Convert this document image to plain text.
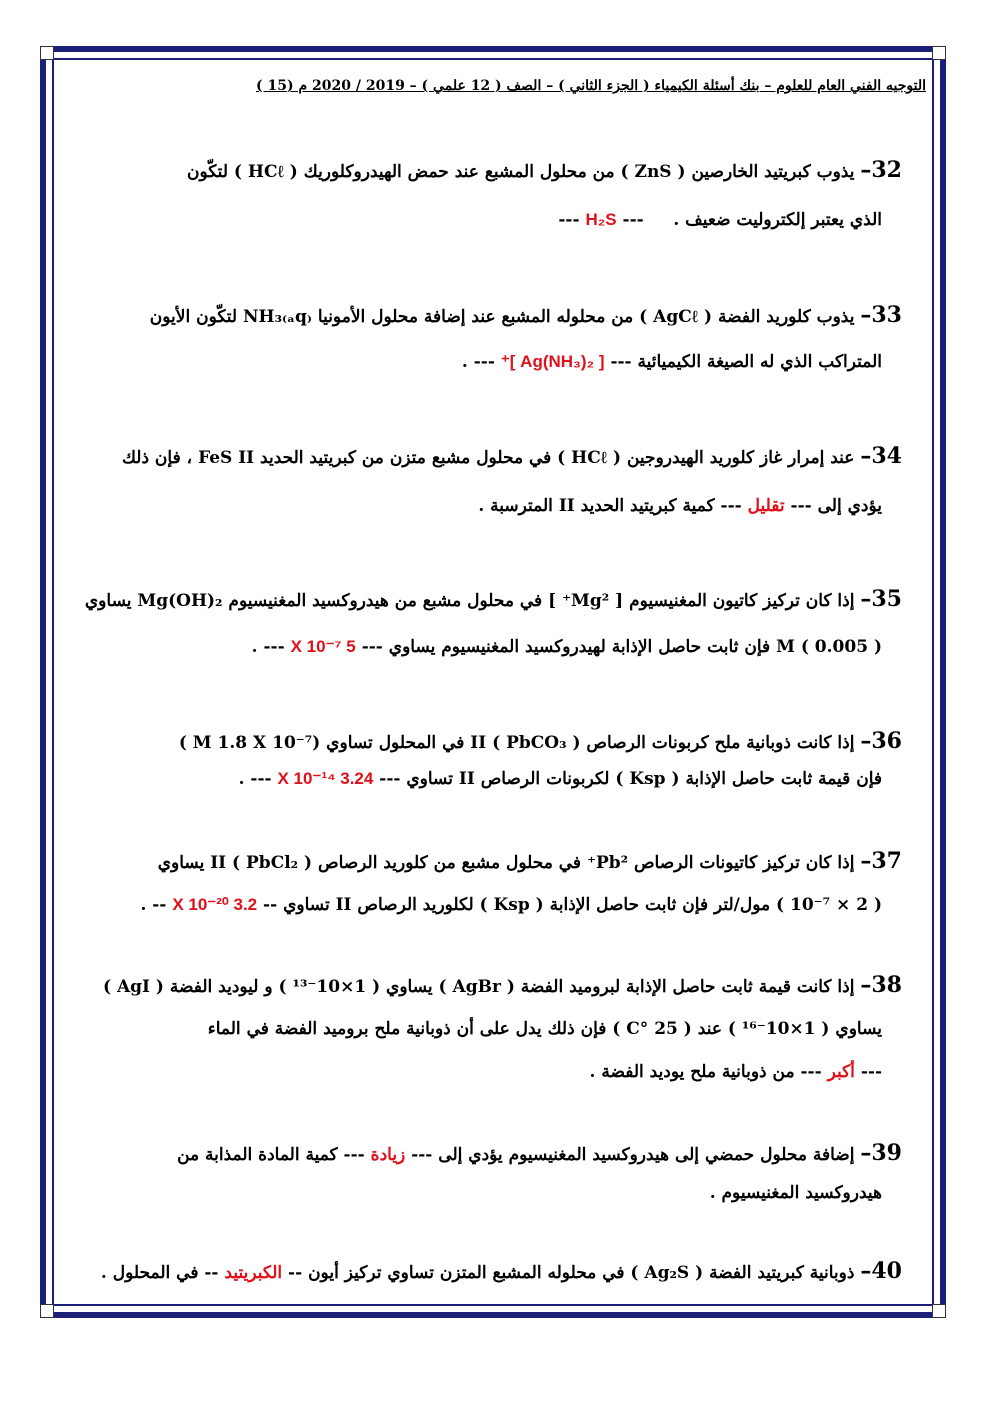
التوجيه الفني العام للعلوم – بنك أسئلة الكيمياء ( الجزء الثاني ) – الصف ( 12 علمي ) – 2019 / 2020 م (15 )
32– يذوب كبريتيد الخارصين ( ZnS ) من محلول المشبع عند حمض الهيدروكلوريك ( HCℓ ) لتكّون
الذي يعتبر إلكتروليت ضعيف .     --- H₂S ---
33– يذوب كلوريد الفضة ( AgCℓ ) من محلوله المشبع عند إضافة محلول الأمونيا NH₃₍ₐq₎ لتكّون الأيون
المتراكب الذي له الصيغة الكيميائية --- [ Ag(NH₃)₂ ]⁺ --- .
34– عند إمرار غاز كلوريد الهيدروجين ( HCℓ ) في محلول مشبع متزن من كبريتيد الحديد FeS II ، فإن ذلك
يؤدي إلى --- تقليل --- كمية كبريتيد الحديد II المترسبة .
35– إذا كان تركيز كاتيون المغنيسيوم [ Mg²⁺ ] في محلول مشبع من هيدروكسيد المغنيسيوم Mg(OH)₂ يساوي
( 0.005 ) M فإن ثابت حاصل الإذابة لهيدروكسيد المغنيسيوم يساوي --- 5 X 10⁻⁷ --- .
36– إذا كانت ذوبانية ملح كربونات الرصاص II ( PbCO₃ ) في المحلول تساوي (M 1.8 X 10⁻⁷ )
فإن قيمة ثابت حاصل الإذابة ( Ksp ) لكربونات الرصاص II تساوي --- 3.24 X 10⁻¹⁴ --- .
37– إذا كان تركيز كاتيونات الرصاص Pb²⁺ في محلول مشبع من كلوريد الرصاص II ( PbCl₂ ) يساوي
( 2 × 10⁻⁷ ) مول/لتر فإن ثابت حاصل الإذابة ( Ksp ) لكلوريد الرصاص II تساوي -- 3.2 X 10⁻²⁰ -- .
38– إذا كانت قيمة ثابت حاصل الإذابة لبروميد الفضة ( AgBr ) يساوي ( 1×10⁻¹³ ) و ليوديد الفضة ( AgI )
يساوي ( 1×10⁻¹⁶ ) عند ( 25 °C ) فإن ذلك يدل على أن ذوبانية ملح بروميد الفضة في الماء
--- أكبر --- من ذوبانية ملح يوديد الفضة .
39– إضافة محلول حمضي إلى هيدروكسيد المغنيسيوم يؤدي إلى --- زيادة --- كمية المادة المذابة من
هيدروكسيد المغنيسيوم .
40– ذوبانية كبريتيد الفضة ( Ag₂S ) في محلوله المشبع المتزن تساوي تركيز أيون -- الكبريتيد -- في المحلول .
